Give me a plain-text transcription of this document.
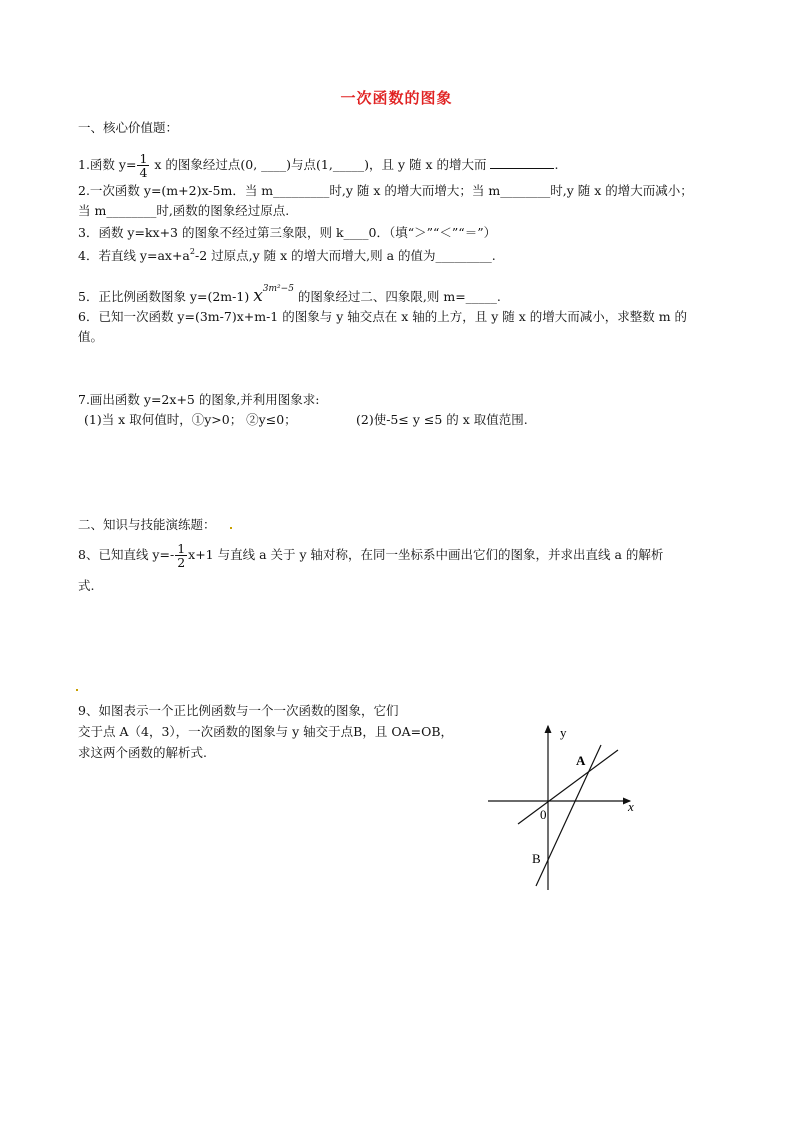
一次函数的图象
一、核心价值题：
1.函数 $y= \frac{1}{4}$ x 的图象经过点(0, ____)与点(1,_____)，且 y 随 x 的增大而	.
2.一次函数 y=(m+2)x-5m．当 m_________时,y 随 x 的增大而增大；当 m________时,y 随 x 的增大而减小；
当 m________时,函数的图象经过原点.
3．函数 y=kx+3 的图象不经过第三象限，则 k____0．（填“＞”“＜”“＝”）
4．若直线 $y=ax+a^2-2$ 过原点,y 随 x 的增大而增大,则 a 的值为_________.
5．正比例函数图象 y=(2m-1) $x^{3m^2-5}$ 的图象经过二、四象限,则 m=_____.
6．已知一次函数 y=(3m-7)x+m-1 的图象与 y 轴交点在 x 轴的上方，且 y 随 x 的增大而减小，求整数 m 的
值。
7.画出函数 y=2x+5 的图象,并利用图象求:
(1)当 x 取何值时，①y>0； ②y≤0；	(2)使-5≤ y ≤5 的 x 取值范围.
二、知识与技能演练题：
8、已知直线 $y=- \frac{1}{2} x+1$ 与直线 a 关于 y 轴对称，在同一坐标系中画出它们的图象，并求出直线 a 的解析
式.
9、如图表示一个正比例函数与一个一次函数的图象，它们
交于点 A（4，3），一次函数的图象与 y 轴交于点B，且 OA=OB，
求这两个函数的解析式.
y
x
A
0
B
